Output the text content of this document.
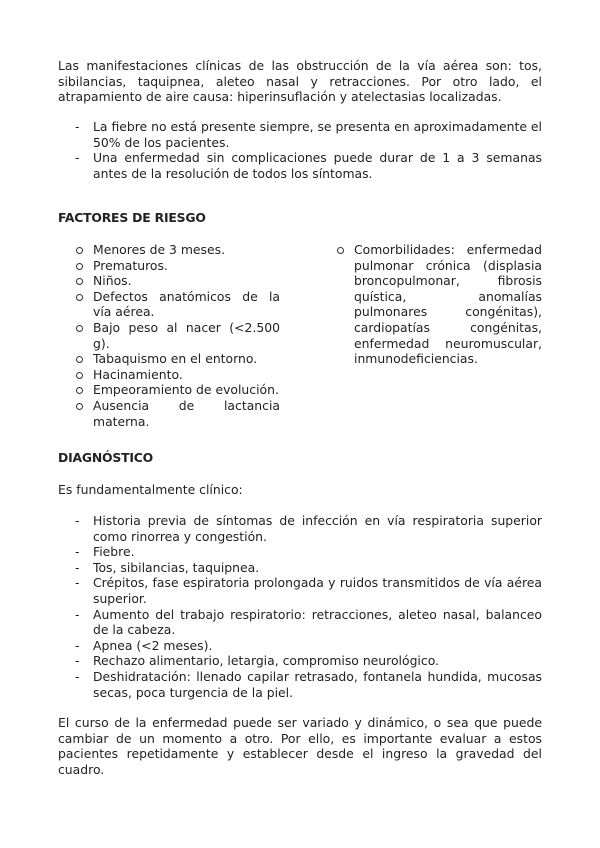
Las manifestaciones clínicas de las obstrucción de la vía aérea son: tos, sibilancias, taquipnea, aleteo nasal y retracciones. Por otro lado, el atrapamiento de aire causa: hiperinsuflación y atelectasias localizadas.

- La fiebre no está presente siempre, se presenta en aproximadamente el 50% de los pacientes.
- Una enfermedad sin complicaciones puede durar de 1 a 3 semanas antes de la resolución de todos los síntomas.

FACTORES DE RIESGO

Menores de 3 meses.
Prematuros.
Niños.
Defectos anatómicos de la vía aérea.
Bajo peso al nacer (<2.500 g).
Tabaquismo en el entorno.
Hacinamiento.
Empeoramiento de evolución.
Ausencia de lactancia materna.
Comorbilidades: enfermedad pulmonar crónica (displasia broncopulmonar, fibrosis quística, anomalías pulmonares congénitas), cardiopatías congénitas, enfermedad neuromuscular, inmunodeficiencias.

DIAGNÓSTICO

Es fundamentalmente clínico:

- Historia previa de síntomas de infección en vía respiratoria superior como rinorrea y congestión.
- Fiebre.
- Tos, sibilancias, taquipnea.
- Crépitos, fase espiratoria prolongada y ruidos transmitidos de vía aérea superior.
- Aumento del trabajo respiratorio: retracciones, aleteo nasal, balanceo de la cabeza.
- Apnea (<2 meses).
- Rechazo alimentario, letargia, compromiso neurológico.
- Deshidratación: llenado capilar retrasado, fontanela hundida, mucosas secas, poca turgencia de la piel.

El curso de la enfermedad puede ser variado y dinámico, o sea que puede cambiar de un momento a otro. Por ello, es importante evaluar a estos pacientes repetidamente y establecer desde el ingreso la gravedad del cuadro.
